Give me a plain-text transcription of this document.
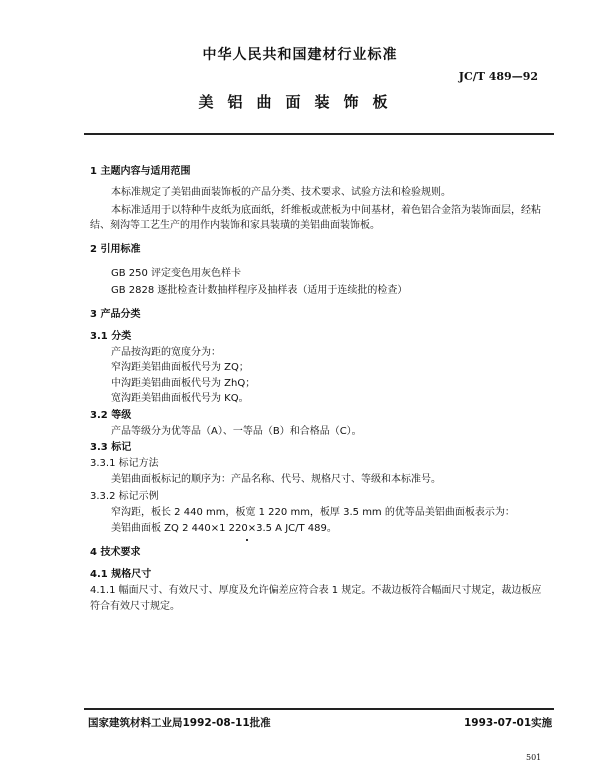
中华人民共和国建材行业标准
JC/T 489—92
美铝曲面装饰板
1 主题内容与适用范围
本标准规定了美铝曲面装饰板的产品分类、技术要求、试验方法和检验规则。
本标准适用于以特种牛皮纸为底面纸，纤维板或蔗板为中间基材，着色铝合金箔为装饰面层，经粘
结、刻沟等工艺生产的用作内装饰和家具装璜的美铝曲面装饰板。
2 引用标准
GB 250 评定变色用灰色样卡
GB 2828 逐批检查计数抽样程序及抽样表（适用于连续批的检查）
3 产品分类
3.1 分类
产品按沟距的宽度分为：
窄沟距美铝曲面板代号为 ZQ；
中沟距美铝曲面板代号为 ZhQ；
宽沟距美铝曲面板代号为 KQ。
3.2 等级
产品等级分为优等品（A）、一等品（B）和合格品（C）。
3.3 标记
3.3.1 标记方法
美铝曲面板标记的顺序为：产品名称、代号、规格尺寸、等级和本标准号。
3.3.2 标记示例
窄沟距，板长 2 440 mm，板宽 1 220 mm，板厚 3.5 mm 的优等品美铝曲面板表示为：
美铝曲面板 ZQ 2 440×1 220×3.5 A JC/T 489。
4 技术要求
4.1 规格尺寸
4.1.1 幅面尺寸、有效尺寸、厚度及允许偏差应符合表 1 规定。不裁边板符合幅面尺寸规定，裁边板应
符合有效尺寸规定。
国家建筑材料工业局1992-08-11批准	1993-07-01实施
501
